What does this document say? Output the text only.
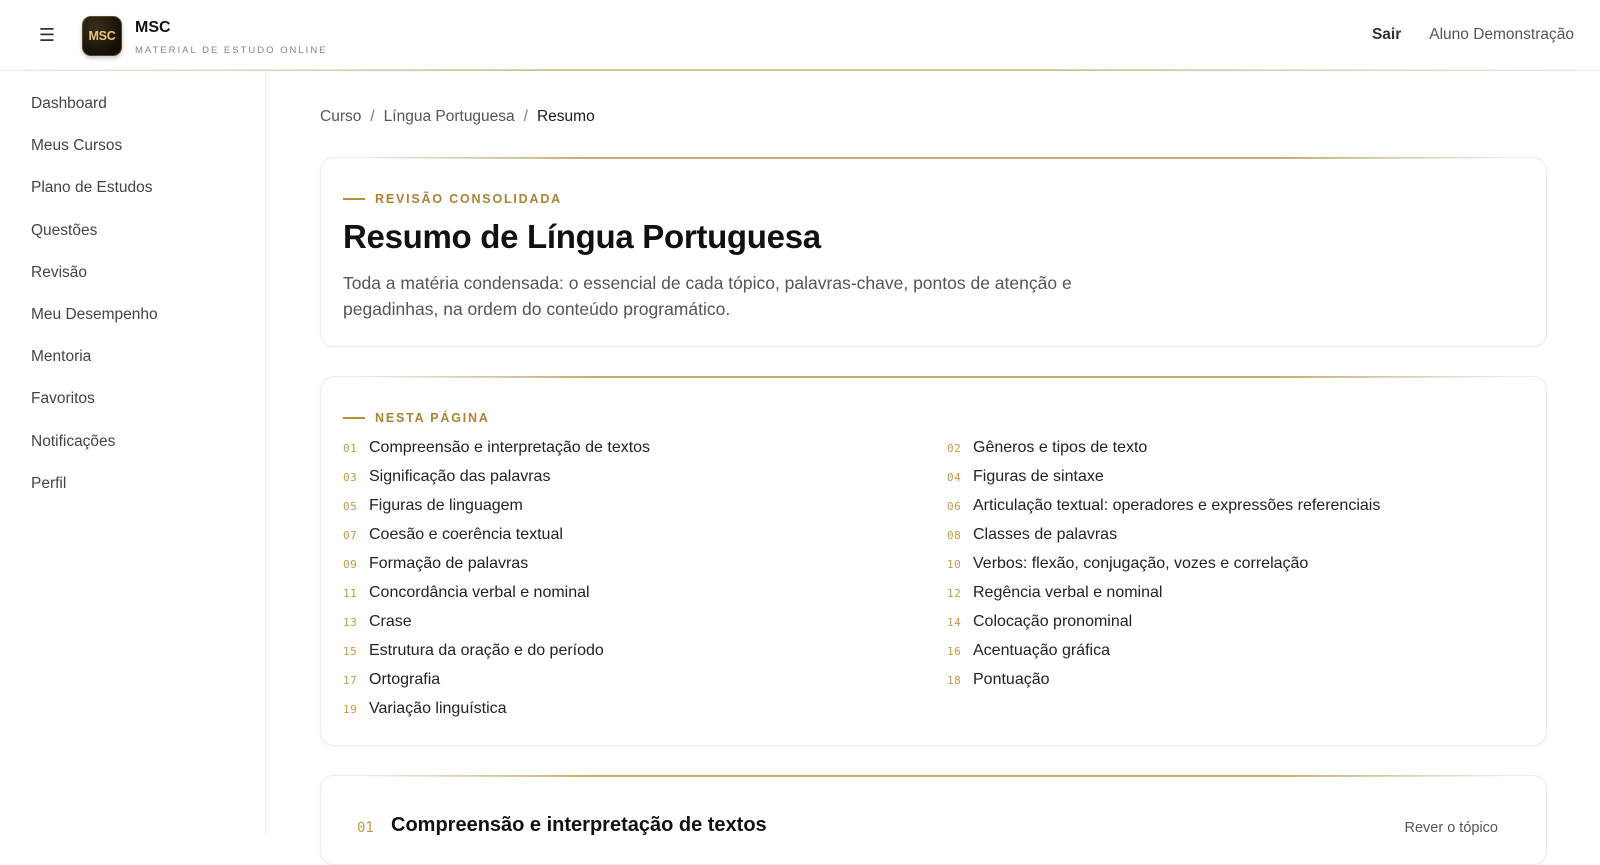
☰	MSC	MSC
MATERIAL DE ESTUDO ONLINE
Sair Aluno Demonstração
Dashboard
Meus Cursos
Plano de Estudos
Questões
Revisão
Meu Desempenho
Mentoria
Favoritos
Notificações
Perfil
Curso / Língua Portuguesa / Resumo
REVISÃO CONSOLIDADA
Resumo de Língua Portuguesa

Toda a matéria condensada: o essencial de cada tópico, palavras-chave, pontos de atenção e pegadinhas, na ordem do conteúdo programático.

NESTA PÁGINA
01 Compreensão e interpretação de textos	02 Gêneros e tipos de texto
03 Significação das palavras	04 Figuras de sintaxe
05 Figuras de linguagem	06 Articulação textual: operadores e expressões referenciais
07 Coesão e coerência textual	08 Classes de palavras
09 Formação de palavras	10 Verbos: flexão, conjugação, vozes e correlação
11 Concordância verbal e nominal	12 Regência verbal e nominal
13 Crase	14 Colocação pronominal
15 Estrutura da oração e do período	16 Acentuação gráfica
17 Ortografia	18 Pontuação
19 Variação linguística
01 Compreensão e interpretação de textos	Rever o tópico
